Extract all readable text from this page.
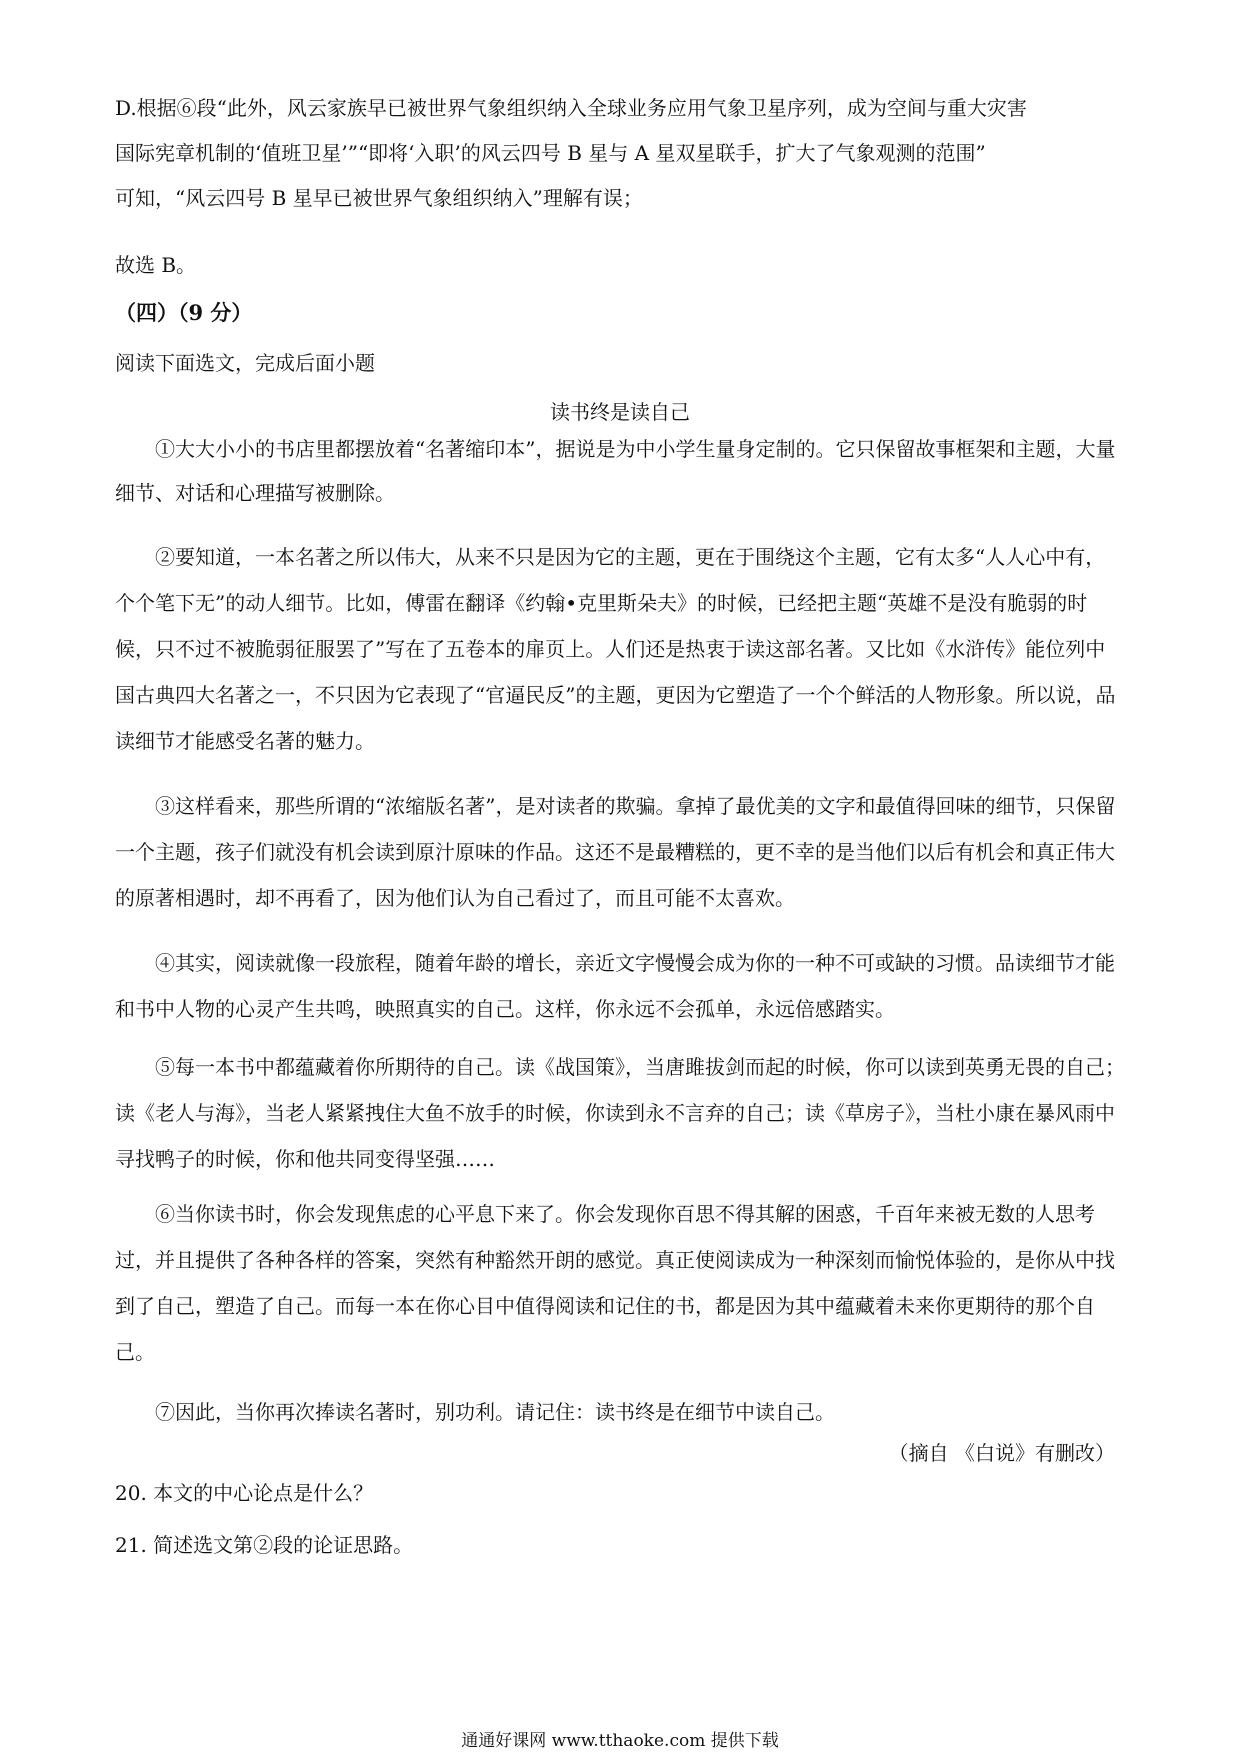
D.根据⑥段“此外，风云家族早已被世界气象组织纳入全球业务应用气象卫星序列，成为空间与重大灾害
国际宪章机制的‘值班卫星’”“即将‘入职’的风云四号 B 星与 A 星双星联手，扩大了气象观测的范围”
可知，“风云四号 B 星早已被世界气象组织纳入”理解有误；
故选 B。
（四）（9 分）
阅读下面选文，完成后面小题
读书终是读自己
①大大小小的书店里都摆放着“名著缩印本”，据说是为中小学生量身定制的。它只保留故事框架和主题，大量细节、对话和心理描写被删除。
②要知道，一本名著之所以伟大，从来不只是因为它的主题，更在于围绕这个主题，它有太多“人人心中有，个个笔下无”的动人细节。比如，傅雷在翻译《约翰•克里斯朵夫》的时候，已经把主题“英雄不是没有脆弱的时候，只不过不被脆弱征服罢了”写在了五卷本的扉页上。人们还是热衷于读这部名著。又比如《水浒传》能位列中国古典四大名著之一，不只因为它表现了“官逼民反”的主题，更因为它塑造了一个个鲜活的人物形象。所以说，品读细节才能感受名著的魅力。
③这样看来，那些所谓的“浓缩版名著”，是对读者的欺骗。拿掉了最优美的文字和最值得回味的细节，只保留一个主题，孩子们就没有机会读到原汁原味的作品。这还不是最糟糕的，更不幸的是当他们以后有机会和真正伟大的原著相遇时，却不再看了，因为他们认为自己看过了，而且可能不太喜欢。
④其实，阅读就像一段旅程，随着年龄的增长，亲近文字慢慢会成为你的一种不可或缺的习惯。品读细节才能和书中人物的心灵产生共鸣，映照真实的自己。这样，你永远不会孤单，永远倍感踏实。
⑤每一本书中都蕴藏着你所期待的自己。读《战国策》，当唐雎拔剑而起的时候，你可以读到英勇无畏的自己；读《老人与海》，当老人紧紧拽住大鱼不放手的时候，你读到永不言弃的自己；读《草房子》，当杜小康在暴风雨中寻找鸭子的时候，你和他共同变得坚强……
⑥当你读书时，你会发现焦虑的心平息下来了。你会发现你百思不得其解的困惑，千百年来被无数的人思考过，并且提供了各种各样的答案，突然有种豁然开朗的感觉。真正使阅读成为一种深刻而愉悦体验的，是你从中找到了自己，塑造了自己。而每一本在你心目中值得阅读和记住的书，都是因为其中蕴藏着未来你更期待的那个自己。
⑦因此，当你再次捧读名著时，别功利。请记住：读书终是在细节中读自己。
（摘自 《白说》有删改）
20. 本文的中心论点是什么？
21. 简述选文第②段的论证思路。
通通好课网 www.tthaoke.com 提供下载
